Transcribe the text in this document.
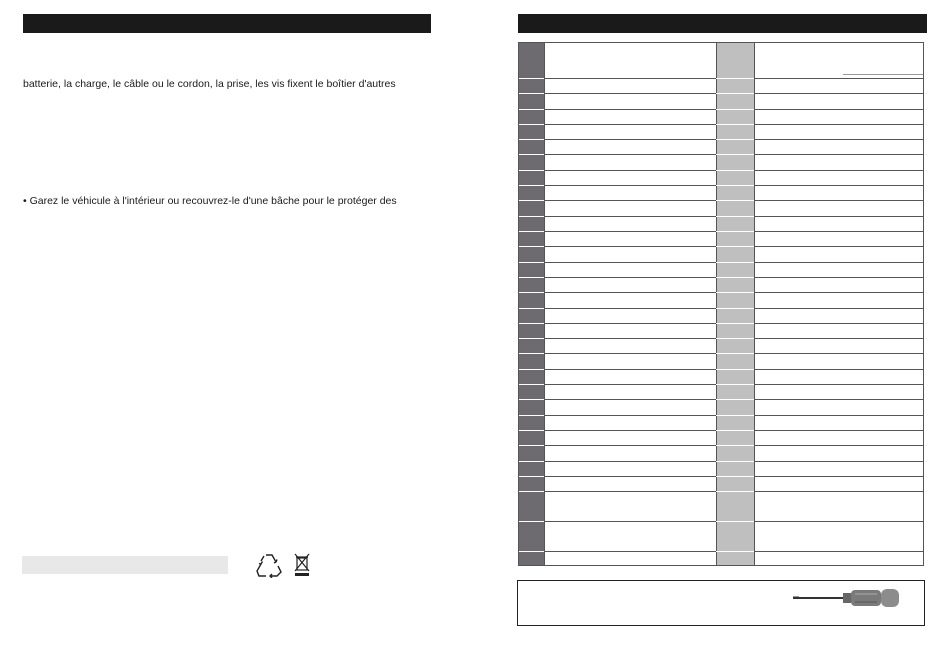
batterie, la charge, le câble ou le cordon, la prise, les vis fixent le boîtier d'autres
• Garez le véhicule à l'intérieur ou recouvrez-le d'une bâche pour le protéger des
